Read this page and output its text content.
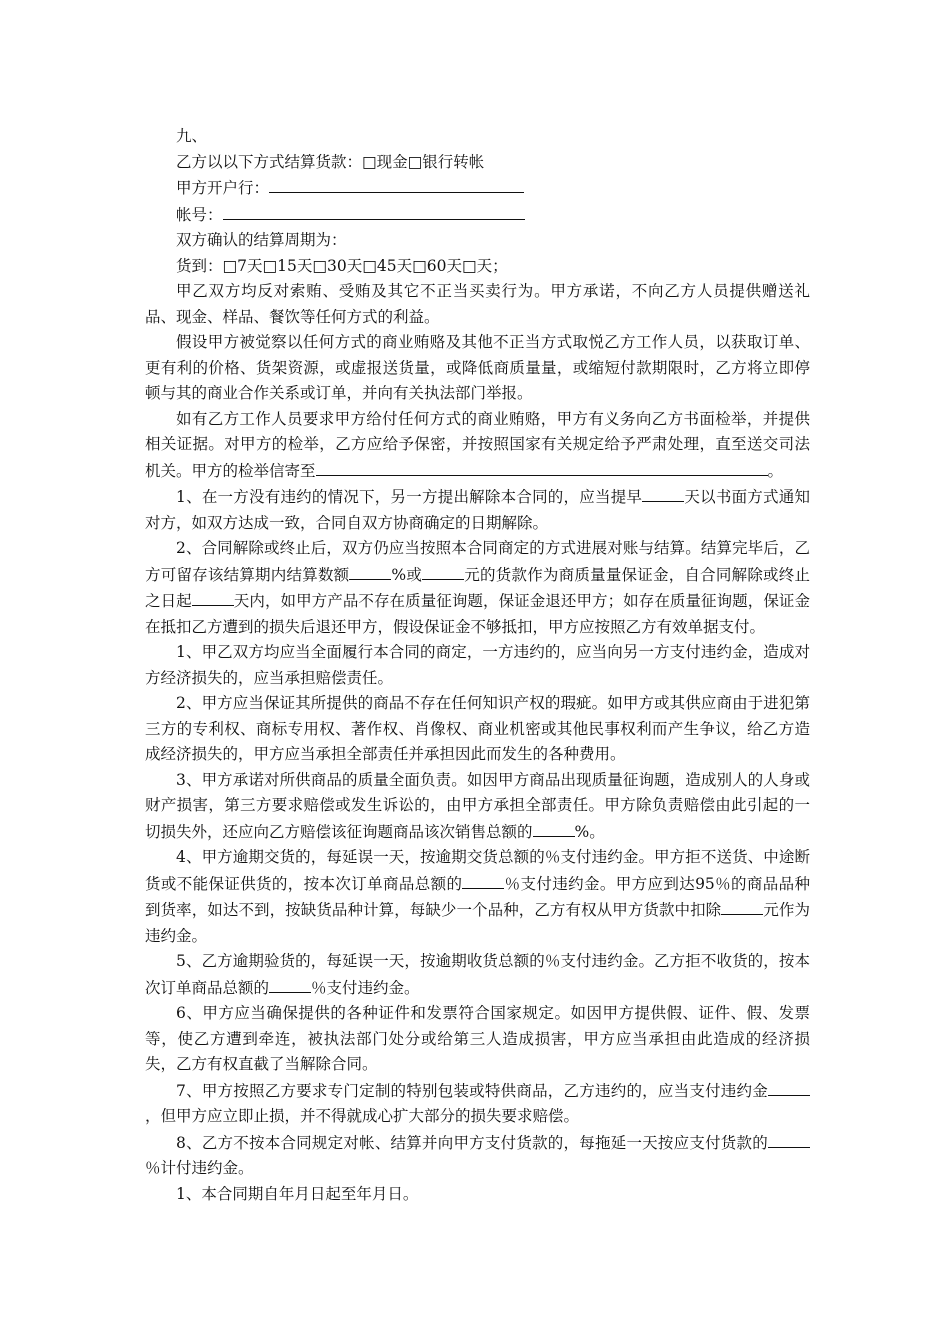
九、

乙方以以下方式结算货款：□现金□银行转帐

甲方开户行：

帐号：

双方确认的结算周期为：

货到：□7天□15天□30天□45天□60天□天；

甲乙双方均反对索贿、受贿及其它不正当买卖行为。甲方承诺，不向乙方人员提供赠送礼品、现金、样品、餐饮等任何方式的利益。

假设甲方被觉察以任何方式的商业贿赂及其他不正当方式取悦乙方工作人员，以获取订单、更有利的价格、货架资源，或虚报送货量，或降低商质量量，或缩短付款期限时，乙方将立即停顿与其的商业合作关系或订单，并向有关执法部门举报。

如有乙方工作人员要求甲方给付任何方式的商业贿赂，甲方有义务向乙方书面检举，并提供相关证据。对甲方的检举，乙方应给予保密，并按照国家有关规定给予严肃处理，直至送交司法机关。甲方的检举信寄至	。

1、在一方没有违约的情况下，另一方提出解除本合同的，应当提早	天以书面方式通知对方，如双方达成一致，合同自双方协商确定的日期解除。

2、合同解除或终止后，双方仍应当按照本合同商定的方式进展对账与结算。结算完毕后，乙方可留存该结算期内结算数额	%或	元的货款作为商质量量保证金，自合同解除或终止之日起	天内，如甲方产品不存在质量征询题，保证金退还甲方；如存在质量征询题，保证金在抵扣乙方遭到的损失后退还甲方，假设保证金不够抵扣，甲方应按照乙方有效单据支付。

1、甲乙双方均应当全面履行本合同的商定，一方违约的，应当向另一方支付违约金，造成对方经济损失的，应当承担赔偿责任。

2、甲方应当保证其所提供的商品不存在任何知识产权的瑕疵。如甲方或其供应商由于进犯第三方的专利权、商标专用权、著作权、肖像权、商业机密或其他民事权利而产生争议，给乙方造成经济损失的，甲方应当承担全部责任并承担因此而发生的各种费用。

3、甲方承诺对所供商品的质量全面负责。如因甲方商品出现质量征询题，造成别人的人身或财产损害，第三方要求赔偿或发生诉讼的，由甲方承担全部责任。甲方除负责赔偿由此引起的一切损失外，还应向乙方赔偿该征询题商品该次销售总额的	%。

4、甲方逾期交货的，每延误一天，按逾期交货总额的％支付违约金。甲方拒不送货、中途断货或不能保证供货的，按本次订单商品总额的	％支付违约金。甲方应到达95％的商品品种到货率，如达不到，按缺货品种计算，每缺少一个品种，乙方有权从甲方货款中扣除	元作为违约金。

5、乙方逾期验货的，每延误一天，按逾期收货总额的％支付违约金。乙方拒不收货的，按本次订单商品总额的	％支付违约金。

6、甲方应当确保提供的各种证件和发票符合国家规定。如因甲方提供假、证件、假、发票等，使乙方遭到牵连，被执法部门处分或给第三人造成损害，甲方应当承担由此造成的经济损失，乙方有权直截了当解除合同。

7、甲方按照乙方要求专门定制的特别包装或特供商品，乙方违约的，应当支付违约金，但甲方应立即止损，并不得就成心扩大部分的损失要求赔偿。

8、乙方不按本合同规定对帐、结算并向甲方支付货款的，每拖延一天按应支付货款的％计付违约金。

1、本合同期自年月日起至年月日。
